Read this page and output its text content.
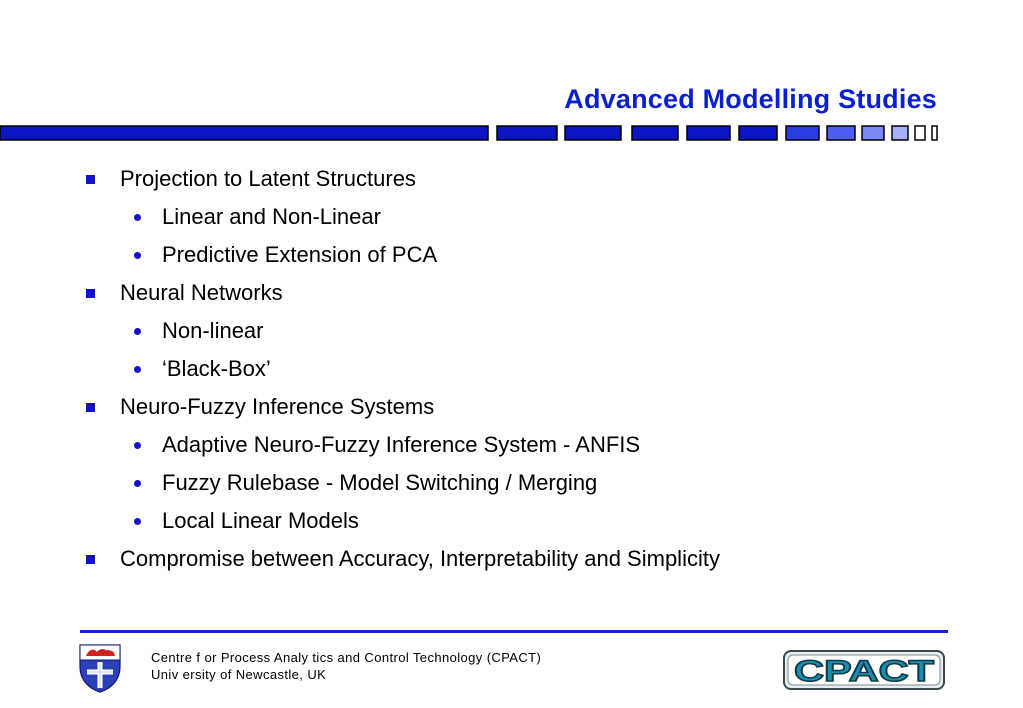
Advanced Modelling Studies
Projection to Latent Structures
Linear and Non-Linear
Predictive Extension of PCA
Neural Networks
Non-linear
‘Black-Box’
Neuro-Fuzzy Inference Systems
Adaptive Neuro-Fuzzy Inference System - ANFIS
Fuzzy Rulebase - Model Switching / Merging
Local Linear Models
Compromise between Accuracy, Interpretability and Simplicity
Centre f or Process Analy tics and Control Technology (CPACT)
Univ ersity of Newcastle, UK	CPACT
